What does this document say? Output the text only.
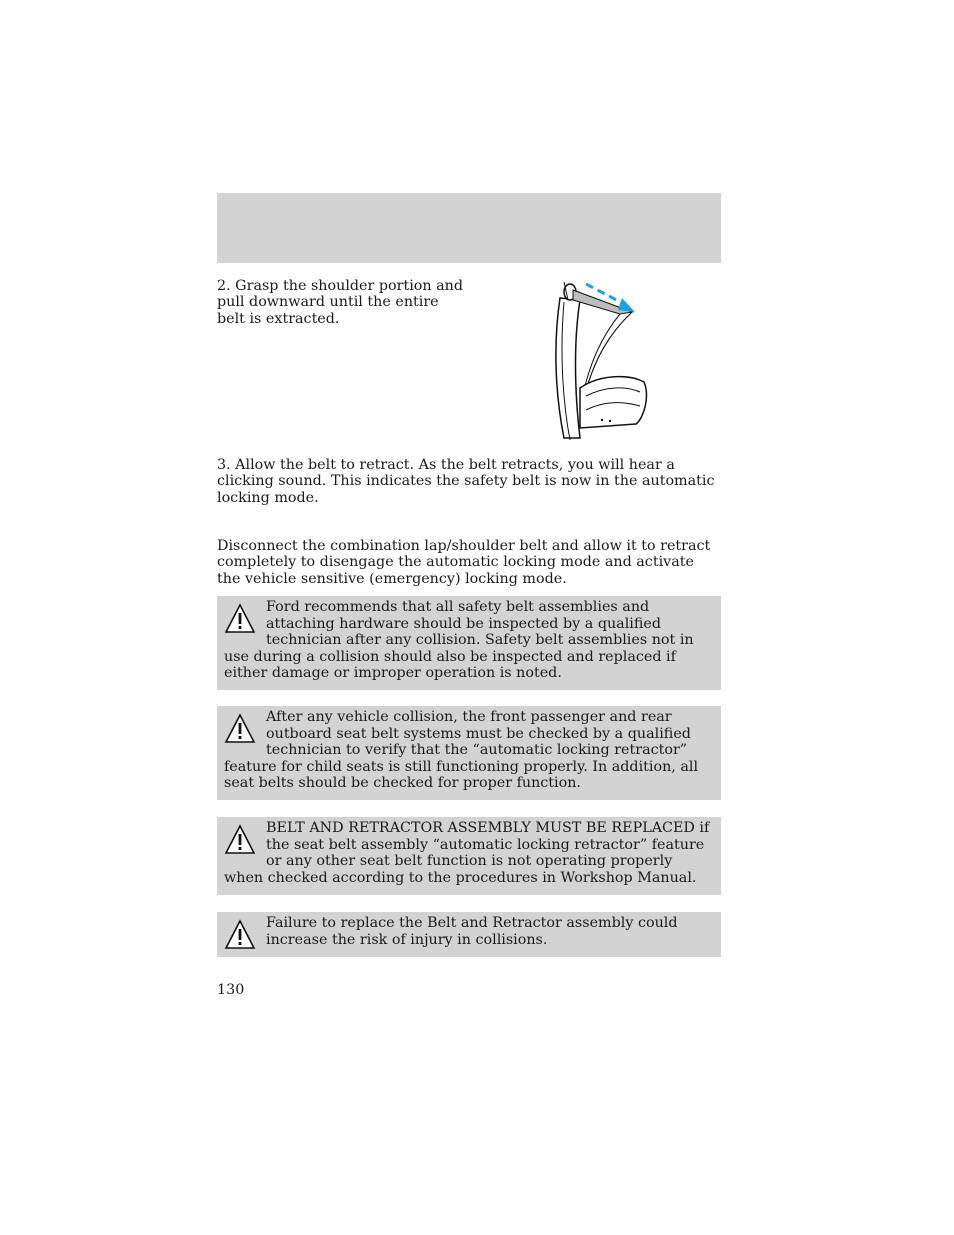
2. Grasp the shoulder portion and pull downward until the entire belt is extracted.

3. Allow the belt to retract. As the belt retracts, you will hear a clicking sound. This indicates the safety belt is now in the automatic locking mode.

Disconnect the combination lap/shoulder belt and allow it to retract completely to disengage the automatic locking mode and activate the vehicle sensitive (emergency) locking mode.

Ford recommends that all safety belt assemblies and attaching hardware should be inspected by a qualified technician after any collision. Safety belt assemblies not in use during a collision should also be inspected and replaced if either damage or improper operation is noted.
After any vehicle collision, the front passenger and rear outboard seat belt systems must be checked by a qualified technician to verify that the “automatic locking retractor” feature for child seats is still functioning properly. In addition, all seat belts should be checked for proper function.
BELT AND RETRACTOR ASSEMBLY MUST BE REPLACED if the seat belt assembly “automatic locking retractor” feature or any other seat belt function is not operating properly when checked according to the procedures in Workshop Manual.
Failure to replace the Belt and Retractor assembly could increase the risk of injury in collisions.
130
